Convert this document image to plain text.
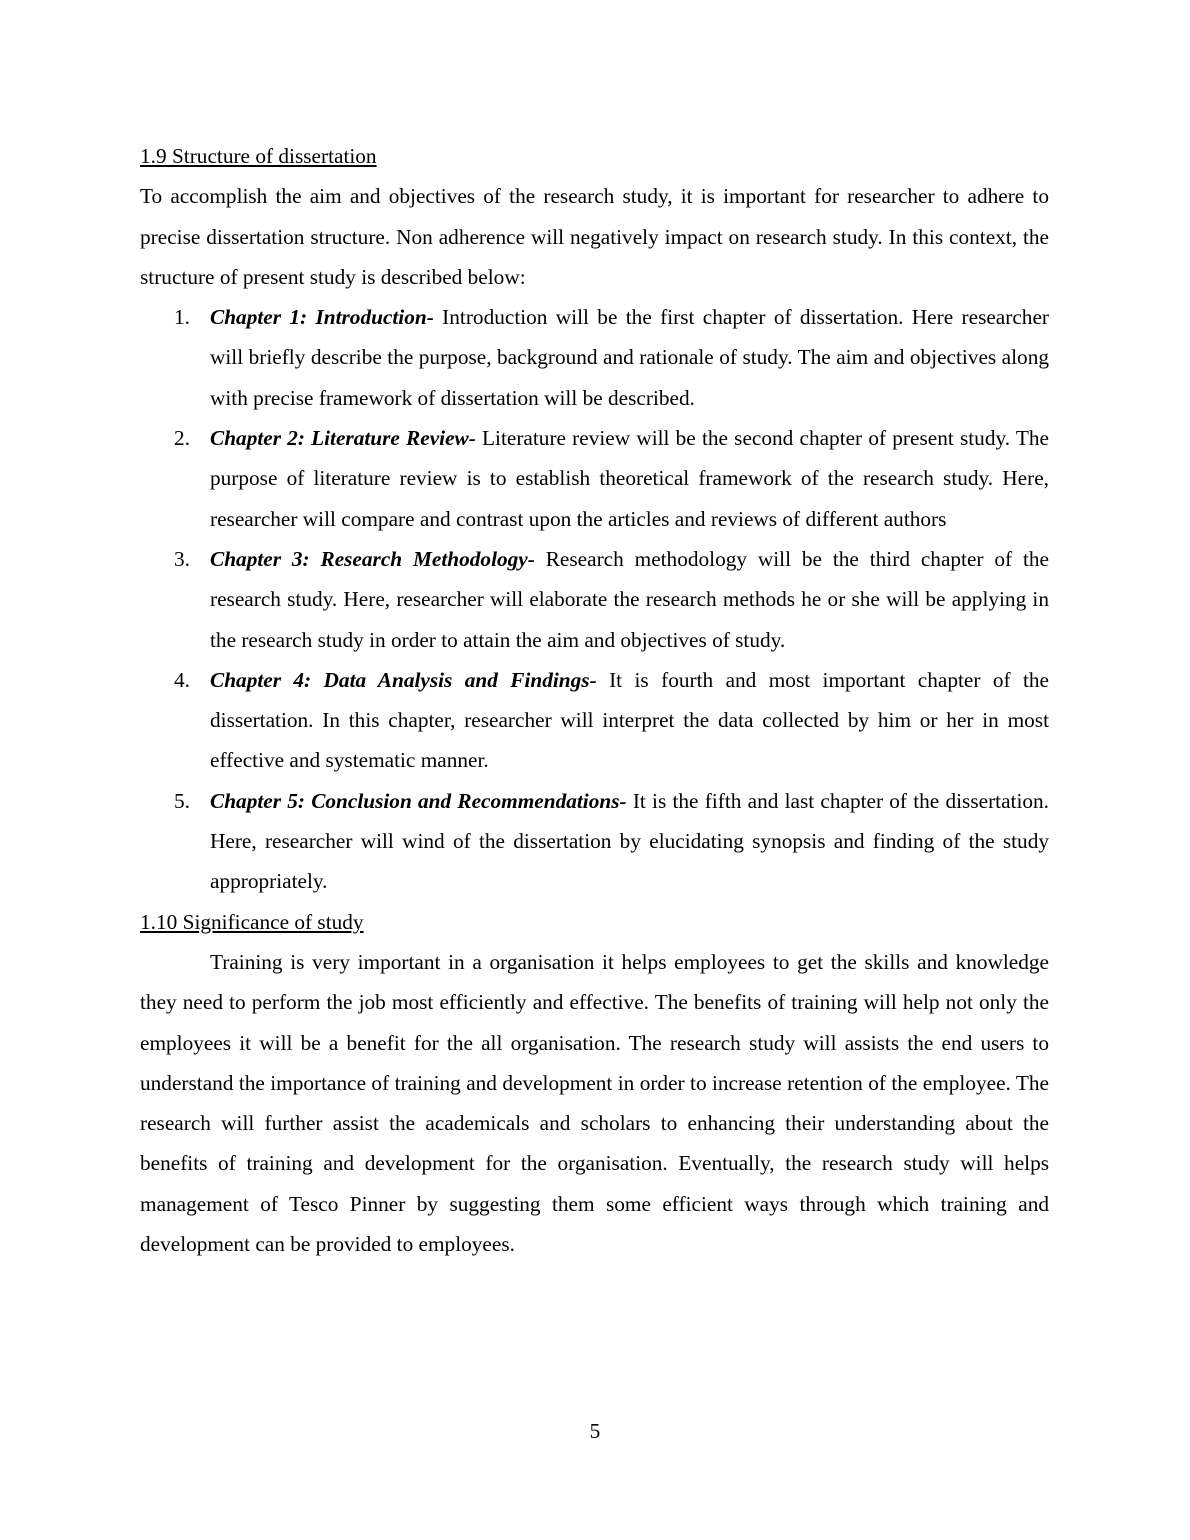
1.9 Structure of dissertation

To accomplish the aim and objectives of the research study, it is important for researcher to adhere to precise dissertation structure. Non adherence will negatively impact on research study. In this context, the structure of present study is described below:

1. Chapter 1: Introduction- Introduction will be the first chapter of dissertation. Here researcher will briefly describe the purpose, background and rationale of study. The aim and objectives along with precise framework of dissertation will be described.
2. Chapter 2: Literature Review- Literature review will be the second chapter of present study. The purpose of literature review is to establish theoretical framework of the research study. Here, researcher will compare and contrast upon the articles and reviews of different authors
3. Chapter 3: Research Methodology- Research methodology will be the third chapter of the research study. Here, researcher will elaborate the research methods he or she will be applying in the research study in order to attain the aim and objectives of study.
4. Chapter 4: Data Analysis and Findings- It is fourth and most important chapter of the dissertation. In this chapter, researcher will interpret the data collected by him or her in most effective and systematic manner.
5. Chapter 5: Conclusion and Recommendations- It is the fifth and last chapter of the dissertation. Here, researcher will wind of the dissertation by elucidating synopsis and finding of the study appropriately.

1.10 Significance of study

Training is very important in a organisation it helps employees to get the skills and knowledge they need to perform the job most efficiently and effective. The benefits of training will help not only the employees it will be a benefit for the all organisation. The research study will assists the end users to understand the importance of training and development in order to increase retention of the employee. The research will further assist the academicals and scholars to enhancing their understanding about the benefits of training and development for the organisation. Eventually, the research study will helps management of Tesco Pinner by suggesting them some efficient ways through which training and development can be provided to employees.

5
